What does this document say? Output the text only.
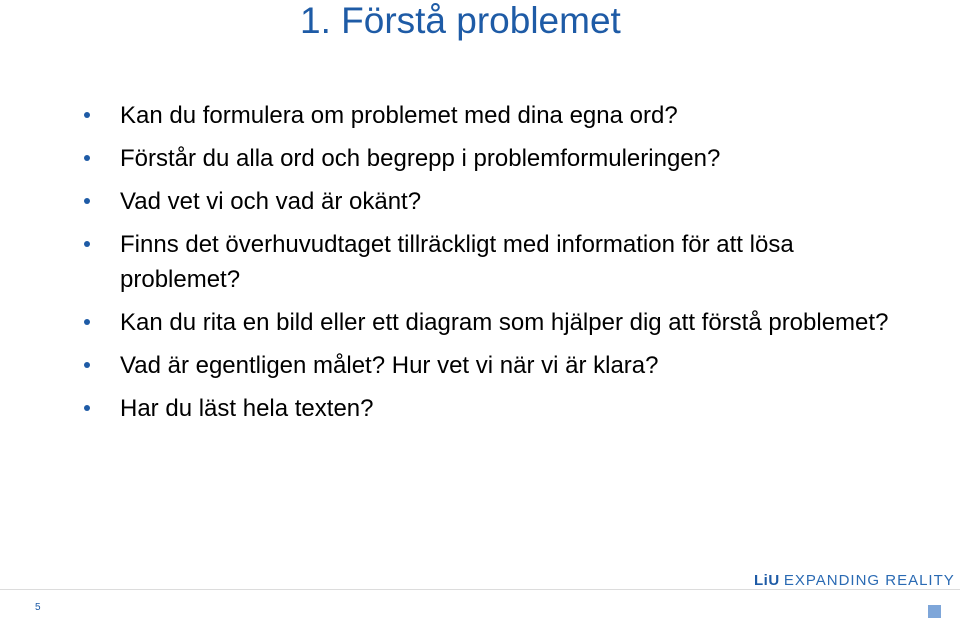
1. Förstå problemet
Kan du formulera om problemet med dina egna ord?
Förstår du alla ord och begrepp i problemformuleringen?
Vad vet vi och vad är okänt?
Finns det överhuvudtaget tillräckligt med information för att lösa problemet?
Kan du rita en bild eller ett diagram som hjälper dig att förstå problemet?
Vad är egentligen målet? Hur vet vi när vi är klara?
Har du läst hela texten?
5
LiU EXPANDING REALITY
